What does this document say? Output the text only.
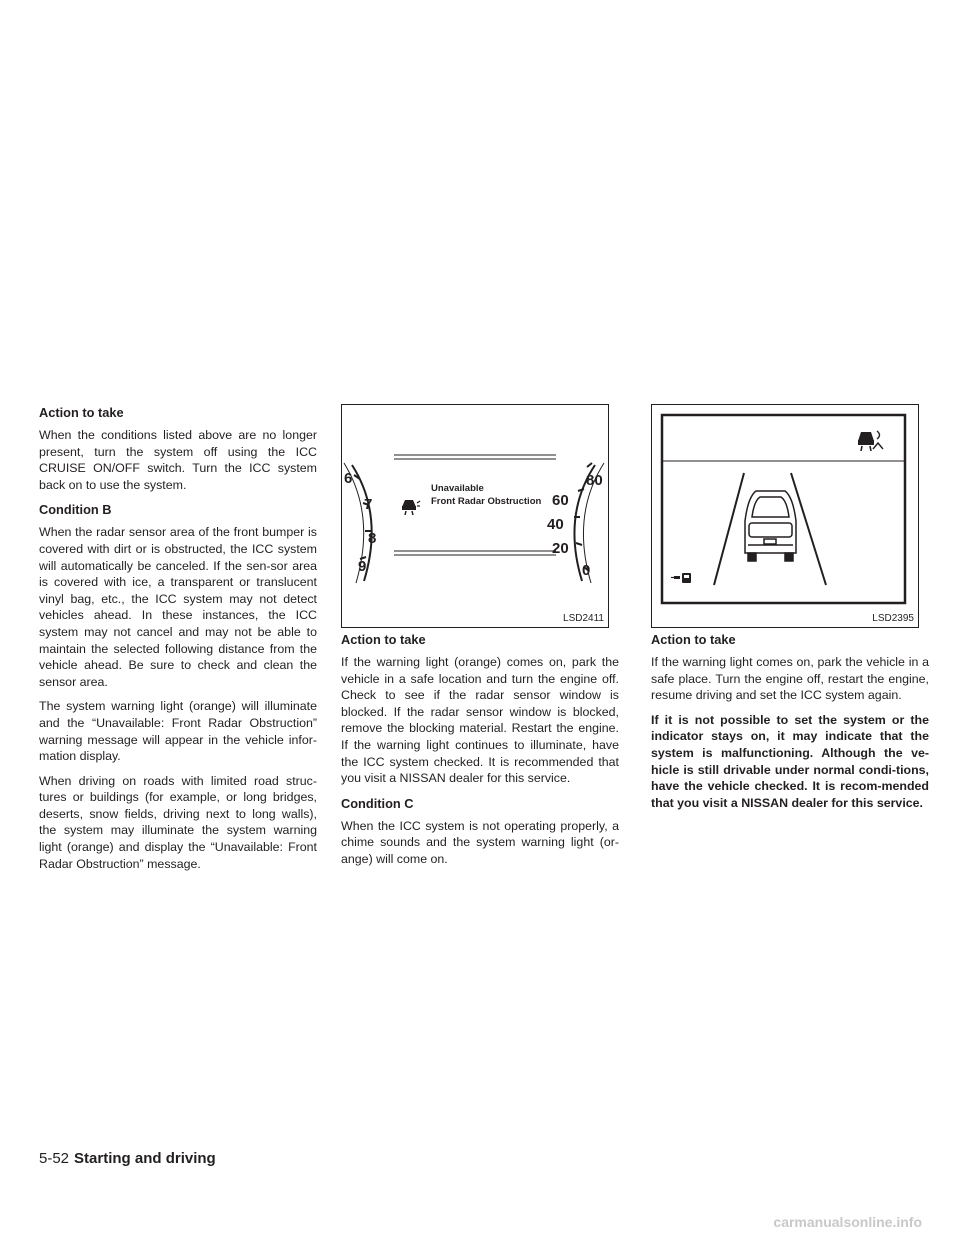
Action to take

When the conditions listed above are no longer present, turn the system off using the ICC CRUISE ON/OFF switch. Turn the ICC system back on to use the system.

Condition B

When the radar sensor area of the front bumper is covered with dirt or is obstructed, the ICC system will automatically be canceled. If the sen-sor area is covered with ice, a transparent or translucent vinyl bag, etc., the ICC system may not detect vehicles ahead. In these instances, the ICC system may not cancel and may not be able to maintain the selected following distance from the vehicle ahead. Be sure to check and clean the sensor area.

The system warning light (orange) will illuminate and the “Unavailable: Front Radar Obstruction” warning message will appear in the vehicle infor-mation display.

When driving on roads with limited road struc-tures or buildings (for example, or long bridges, deserts, snow fields, driving next to long walls), the system may illuminate the system warning light (orange) and display the “Unavailable: Front Radar Obstruction” message.

6
7
8
9
80
60
40
20
0
Unavailable
Front Radar Obstruction
LSD2411
Action to take

If the warning light (orange) comes on, park the vehicle in a safe location and turn the engine off. Check to see if the radar sensor window is blocked. If the radar sensor window is blocked, remove the blocking material. Restart the engine. If the warning light continues to illuminate, have the ICC system checked. It is recommended that you visit a NISSAN dealer for this service.

Condition C

When the ICC system is not operating properly, a chime sounds and the system warning light (or-ange) will come on.

LSD2395
Action to take

If the warning light comes on, park the vehicle in a safe place. Turn the engine off, restart the engine, resume driving and set the ICC system again.

If it is not possible to set the system or the indicator stays on, it may indicate that the system is malfunctioning. Although the ve-hicle is still drivable under normal condi-tions, have the vehicle checked. It is recom-mended that you visit a NISSAN dealer for this service.

5-52 Starting and driving
carmanualsonline.info
